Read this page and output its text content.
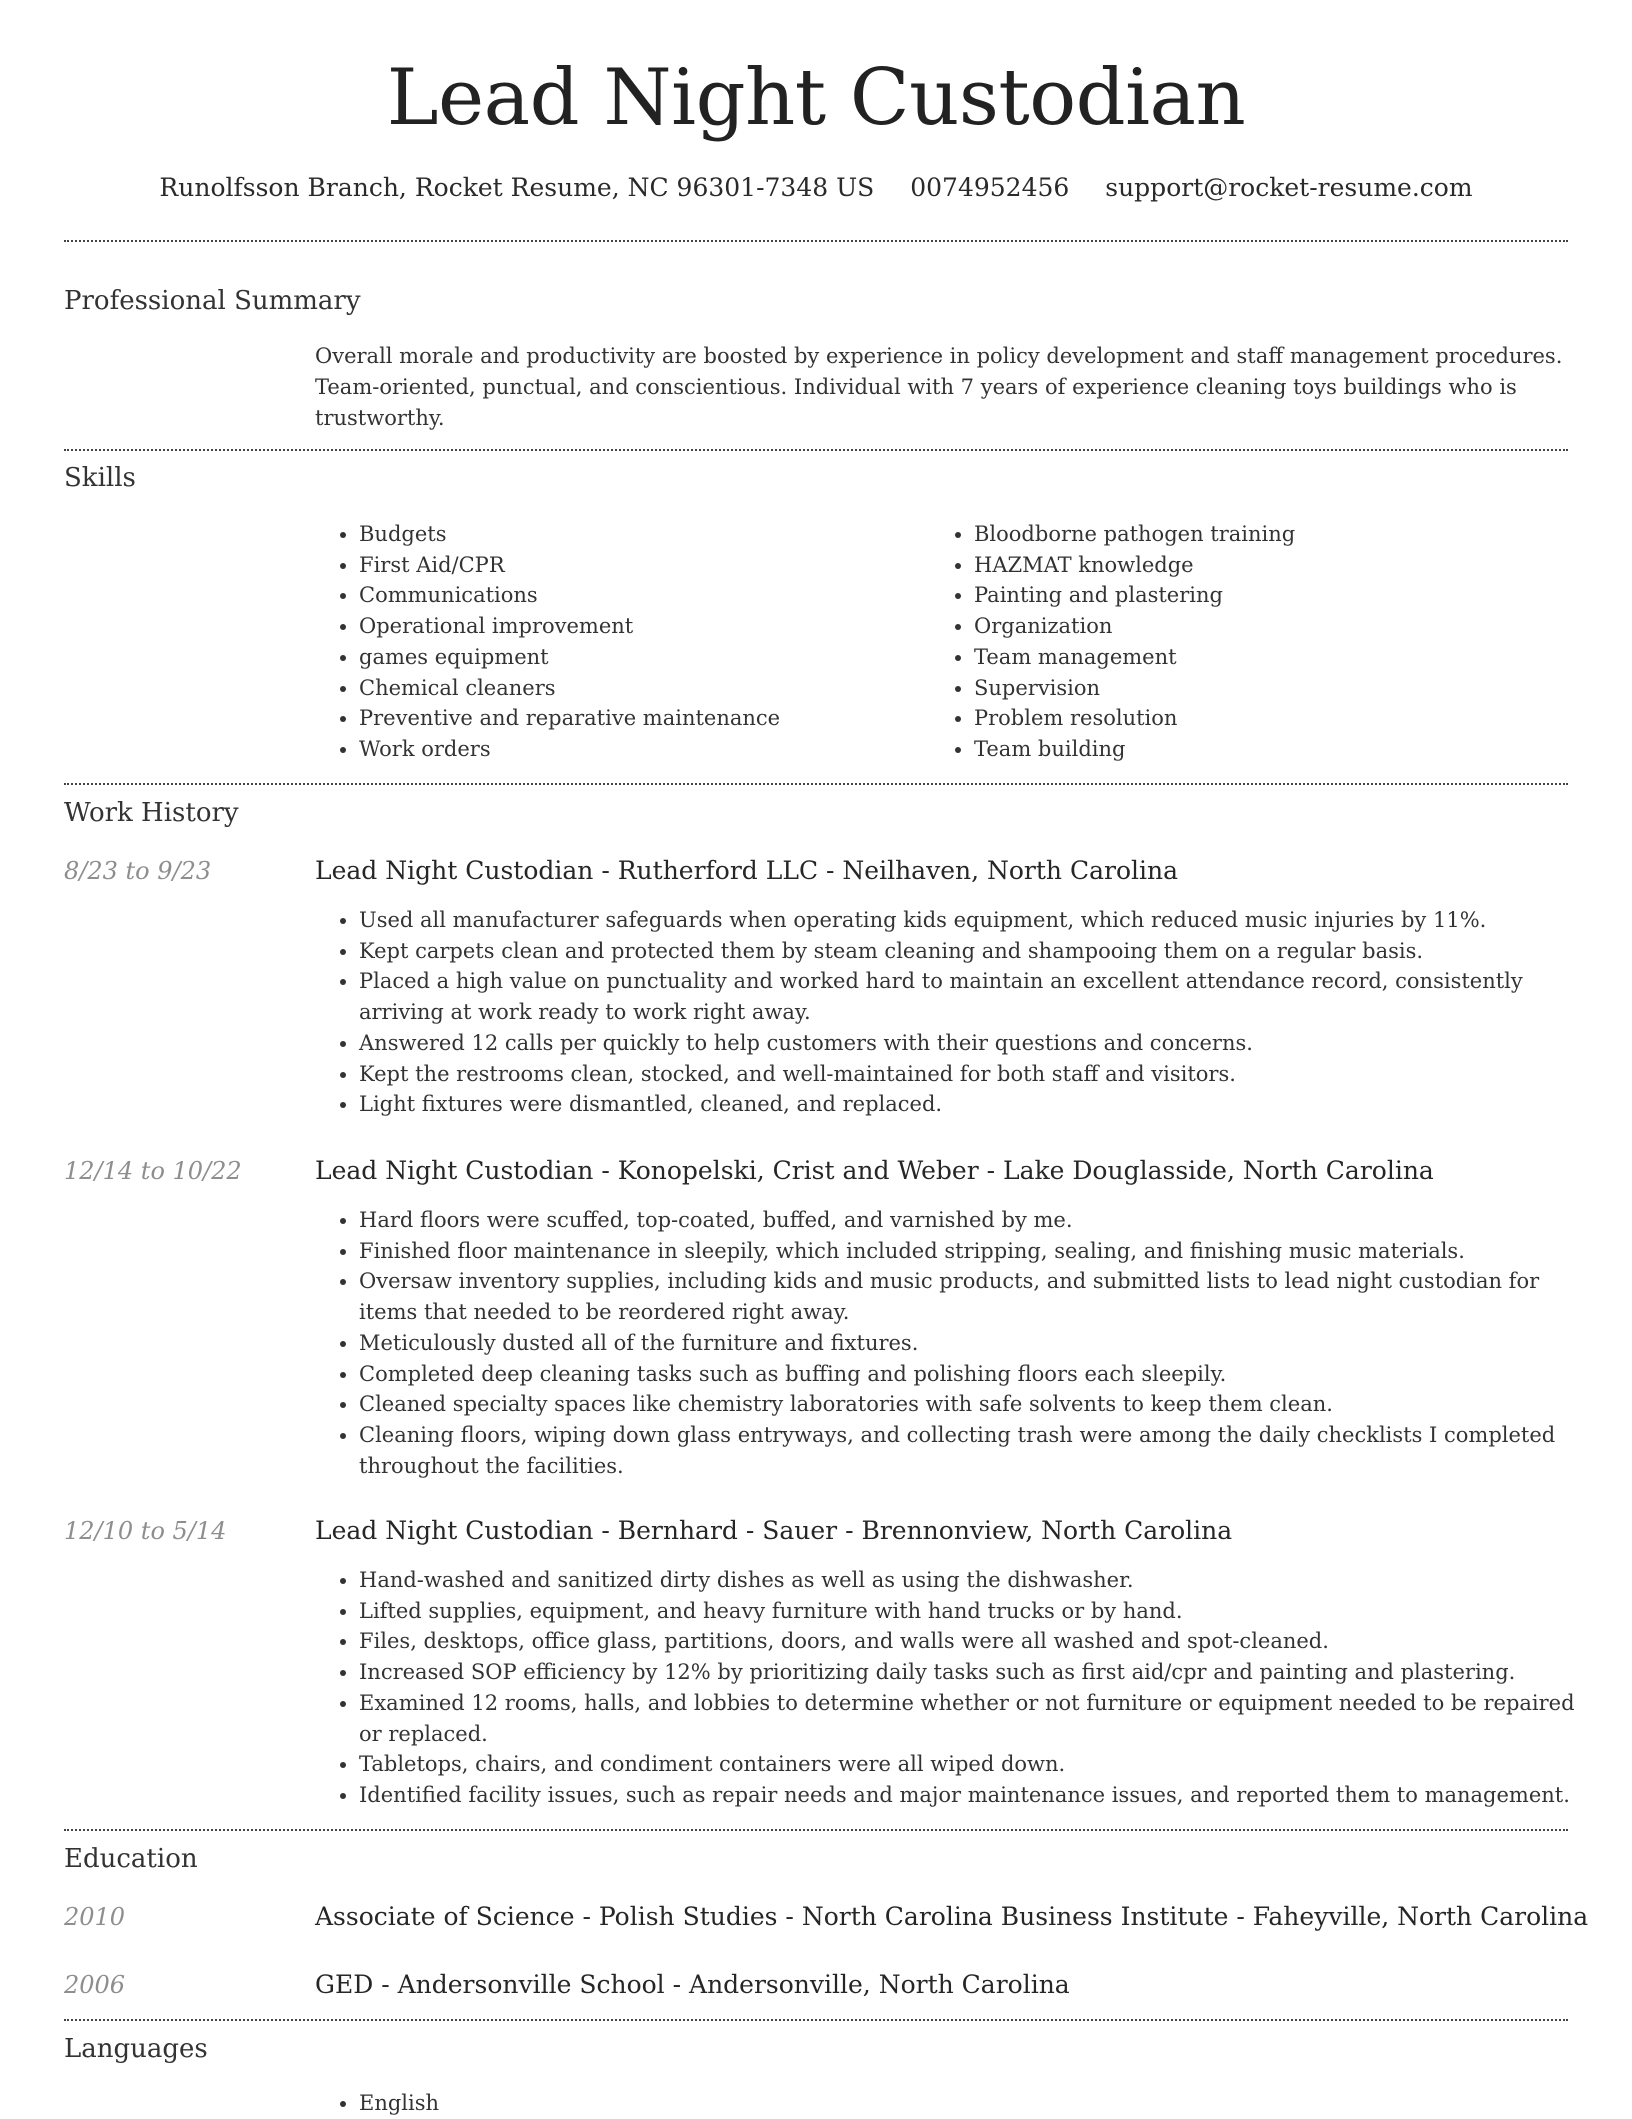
Lead Night Custodian
Runolfsson Branch, Rocket Resume, NC 96301-7348 US 0074952456 support@rocket-resume.com
Professional Summary

Overall morale and productivity are boosted by experience in policy development and staff management procedures. Team-oriented, punctual, and conscientious. Individual with 7 years of experience cleaning toys buildings who is trustworthy.

Skills
• Budgets
• First Aid/CPR
• Communications
• Operational improvement
• games equipment
• Chemical cleaners
• Preventive and reparative maintenance
• Work orders
• Bloodborne pathogen training
• HAZMAT knowledge
• Painting and plastering
• Organization
• Team management
• Supervision
• Problem resolution
• Team building
Work History
8/23 to 9/23	Lead Night Custodian - Rutherford LLC - Neilhaven, North Carolina
• Used all manufacturer safeguards when operating kids equipment, which reduced music injuries by 11%.
• Kept carpets clean and protected them by steam cleaning and shampooing them on a regular basis.
• Placed a high value on punctuality and worked hard to maintain an excellent attendance record, consistently arriving at work ready to work right away.
• Answered 12 calls per quickly to help customers with their questions and concerns.
• Kept the restrooms clean, stocked, and well-maintained for both staff and visitors.
• Light fixtures were dismantled, cleaned, and replaced.
12/14 to 10/22	Lead Night Custodian - Konopelski, Crist and Weber - Lake Douglasside, North Carolina
• Hard floors were scuffed, top-coated, buffed, and varnished by me.
• Finished floor maintenance in sleepily, which included stripping, sealing, and finishing music materials.
• Oversaw inventory supplies, including kids and music products, and submitted lists to lead night custodian for items that needed to be reordered right away.
• Meticulously dusted all of the furniture and fixtures.
• Completed deep cleaning tasks such as buffing and polishing floors each sleepily.
• Cleaned specialty spaces like chemistry laboratories with safe solvents to keep them clean.
• Cleaning floors, wiping down glass entryways, and collecting trash were among the daily checklists I completed throughout the facilities.
12/10 to 5/14	Lead Night Custodian - Bernhard - Sauer - Brennonview, North Carolina
• Hand-washed and sanitized dirty dishes as well as using the dishwasher.
• Lifted supplies, equipment, and heavy furniture with hand trucks or by hand.
• Files, desktops, office glass, partitions, doors, and walls were all washed and spot-cleaned.
• Increased SOP efficiency by 12% by prioritizing daily tasks such as first aid/cpr and painting and plastering.
• Examined 12 rooms, halls, and lobbies to determine whether or not furniture or equipment needed to be repaired or replaced.
• Tabletops, chairs, and condiment containers were all wiped down.
• Identified facility issues, such as repair needs and major maintenance issues, and reported them to management.
Education
2010	Associate of Science - Polish Studies - North Carolina Business Institute - Faheyville, North Carolina
2006	GED - Andersonville School - Andersonville, North Carolina
Languages
• English
